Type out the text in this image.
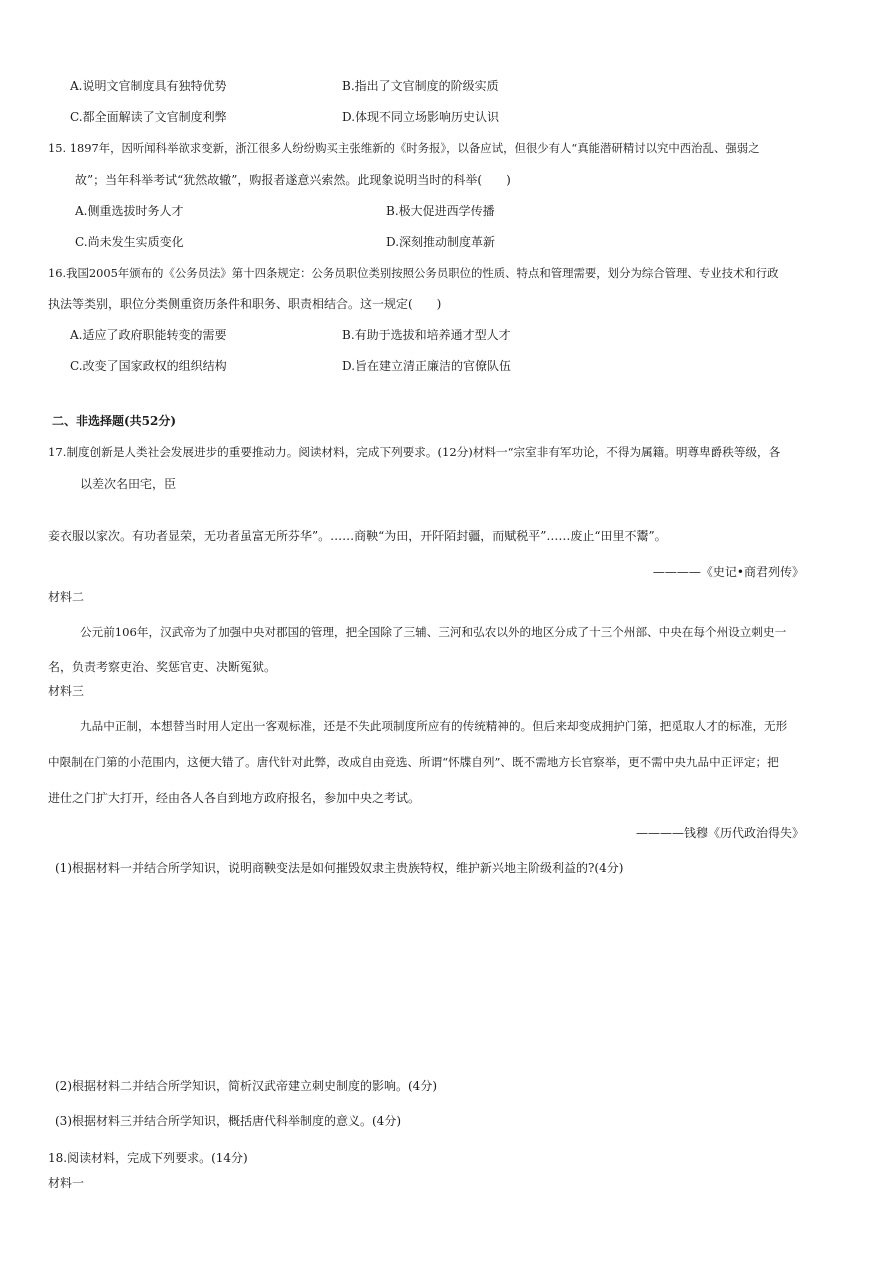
A.说明文官制度具有独特优势	B.指出了文官制度的阶级实质
C.都全面解读了文官制度利弊	D.体现不同立场影响历史认识
15. 1897年，因听闻科举欲求变新，浙江很多人纷纷购买主张维新的《时务报》，以备应试，但很少有人“真能潜研精讨以究中西治乱、强弱之
故”；当年科举考试“犹然故辙”，购报者遂意兴索然。此现象说明当时的科举(　　)
A.侧重选拔时务人才	B.极大促进西学传播
C.尚未发生实质变化	D.深刻推动制度革新
16.我国2005年颁布的《公务员法》第十四条规定：公务员职位类别按照公务员职位的性质、特点和管理需要，划分为综合管理、专业技术和行政
执法等类别，职位分类侧重资历条件和职务、职责相结合。这一规定(　　)
A.适应了政府职能转变的需要	B.有助于选拔和培养通才型人才
C.改变了国家政权的组织结构	D.旨在建立清正廉洁的官僚队伍
二、非选择题(共52分)
17.制度创新是人类社会发展进步的重要推动力。阅读材料，完成下列要求。(12分)材料一“宗室非有军功论，不得为属籍。明尊卑爵秩等级，各
以差次名田宅，臣
妾衣服以家次。有功者显荣，无功者虽富无所芬华”。……商鞅“为田，开阡陌封疆，而赋税平”……废止“田里不鬻”。
————《史记•商君列传》
材料二
公元前106年，汉武帝为了加强中央对郡国的管理，把全国除了三辅、三河和弘农以外的地区分成了十三个州部、中央在每个州设立刺史一
名，负责考察吏治、奖惩官吏、决断冤狱。
材料三
九品中正制，本想替当时用人定出一客观标准，还是不失此项制度所应有的传统精神的。但后来却变成拥护门第，把觅取人才的标准，无形
中限制在门第的小范围内，这便大错了。唐代针对此弊，改成自由竞选、所谓“怀牒自列”、既不需地方长官察举，更不需中央九品中正评定；把
进仕之门扩大打开，经由各人各自到地方政府报名，参加中央之考试。
————钱穆《历代政治得失》
(1)根据材料一并结合所学知识，说明商鞅变法是如何摧毁奴隶主贵族特权，维护新兴地主阶级利益的?(4分)
(2)根据材料二并结合所学知识，简析汉武帝建立刺史制度的影响。(4分)
(3)根据材料三并结合所学知识，概括唐代科举制度的意义。(4分)
18.阅读材料，完成下列要求。(14分)
材料一
